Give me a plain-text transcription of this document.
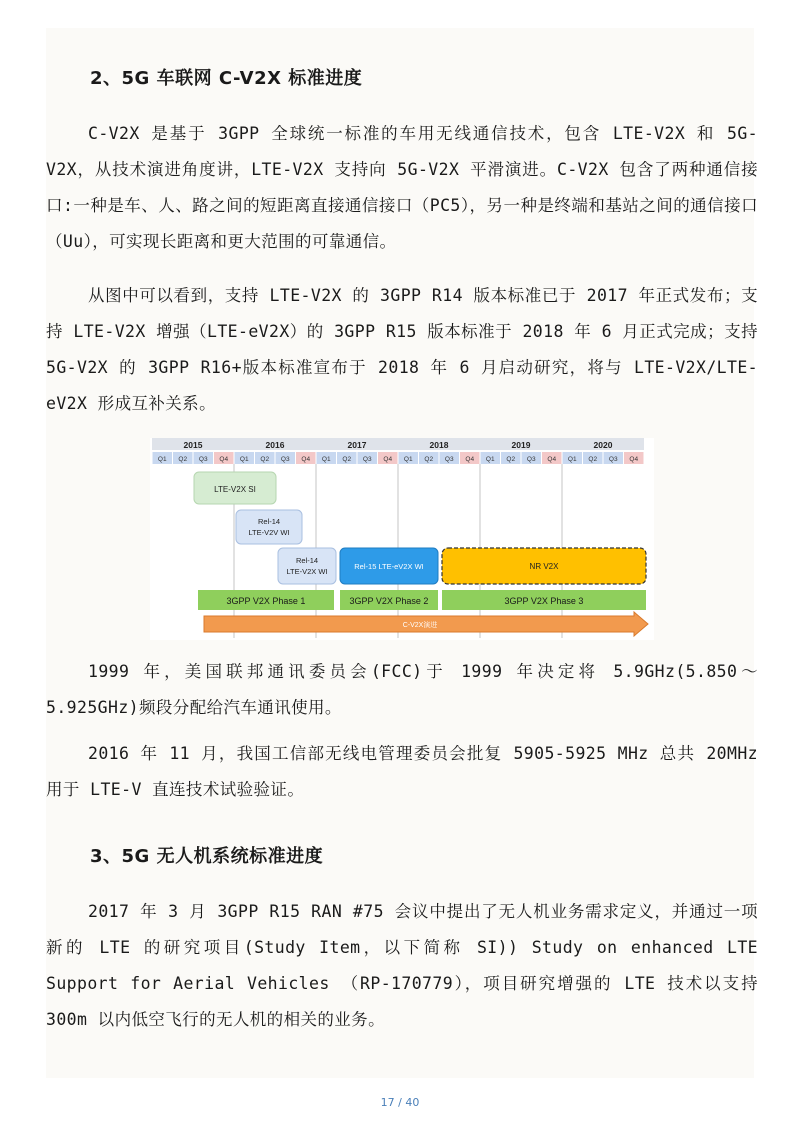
2、5G 车联网 C-V2X 标准进度

C-V2X 是基于 3GPP 全球统一标准的车用无线通信技术，包含 LTE-V2X 和 5G-V2X，从技术演进角度讲，LTE-V2X 支持向 5G-V2X 平滑演进。C-V2X 包含了两种通信接口:一种是车、人、路之间的短距离直接通信接口（PC5），另一种是终端和基站之间的通信接口（Uu），可实现长距离和更大范围的可靠通信。

从图中可以看到，支持 LTE-V2X 的 3GPP R14 版本标准已于 2017 年正式发布；支持 LTE-V2X 增强（LTE-eV2X）的 3GPP R15 版本标准于 2018 年 6 月正式完成；支持 5G-V2X 的 3GPP R16+版本标准宣布于 2018 年 6 月启动研究，将与 LTE-V2X/LTE-eV2X 形成互补关系。

2015	2016	2017	2018	2019	2020
Q1 Q2 Q3 Q4 Q1 Q2 Q3 Q4 Q1 Q2 Q3 Q4 Q1 Q2 Q3 Q4 Q1 Q2 Q3 Q4 Q1 Q2 Q3 Q4
LTE-V2X SI
Rel-14
LTE-V2V WI
Rel-14
LTE-V2X WI
Rel-15 LTE-eV2X WI	NR V2X
3GPP V2X Phase 1	3GPP V2X Phase 2	3GPP V2X Phase 3
C-V2X演进

1999 年，美国联邦通讯委员会(FCC)于 1999 年决定将 5.9GHz(5.850～5.925GHz)频段分配给汽车通讯使用。

2016 年 11 月，我国工信部无线电管理委员会批复 5905-5925 MHz 总共 20MHz 用于 LTE-V 直连技术试验验证。

3、5G 无人机系统标准进度

2017 年 3 月 3GPP R15 RAN #75 会议中提出了无人机业务需求定义，并通过一项新的 LTE 的研究项目(Study Item，以下简称 SI)) Study on enhanced LTE Support for Aerial Vehicles （RP-170779），项目研究增强的 LTE 技术以支持 300m 以内低空飞行的无人机的相关的业务。

17 / 40
